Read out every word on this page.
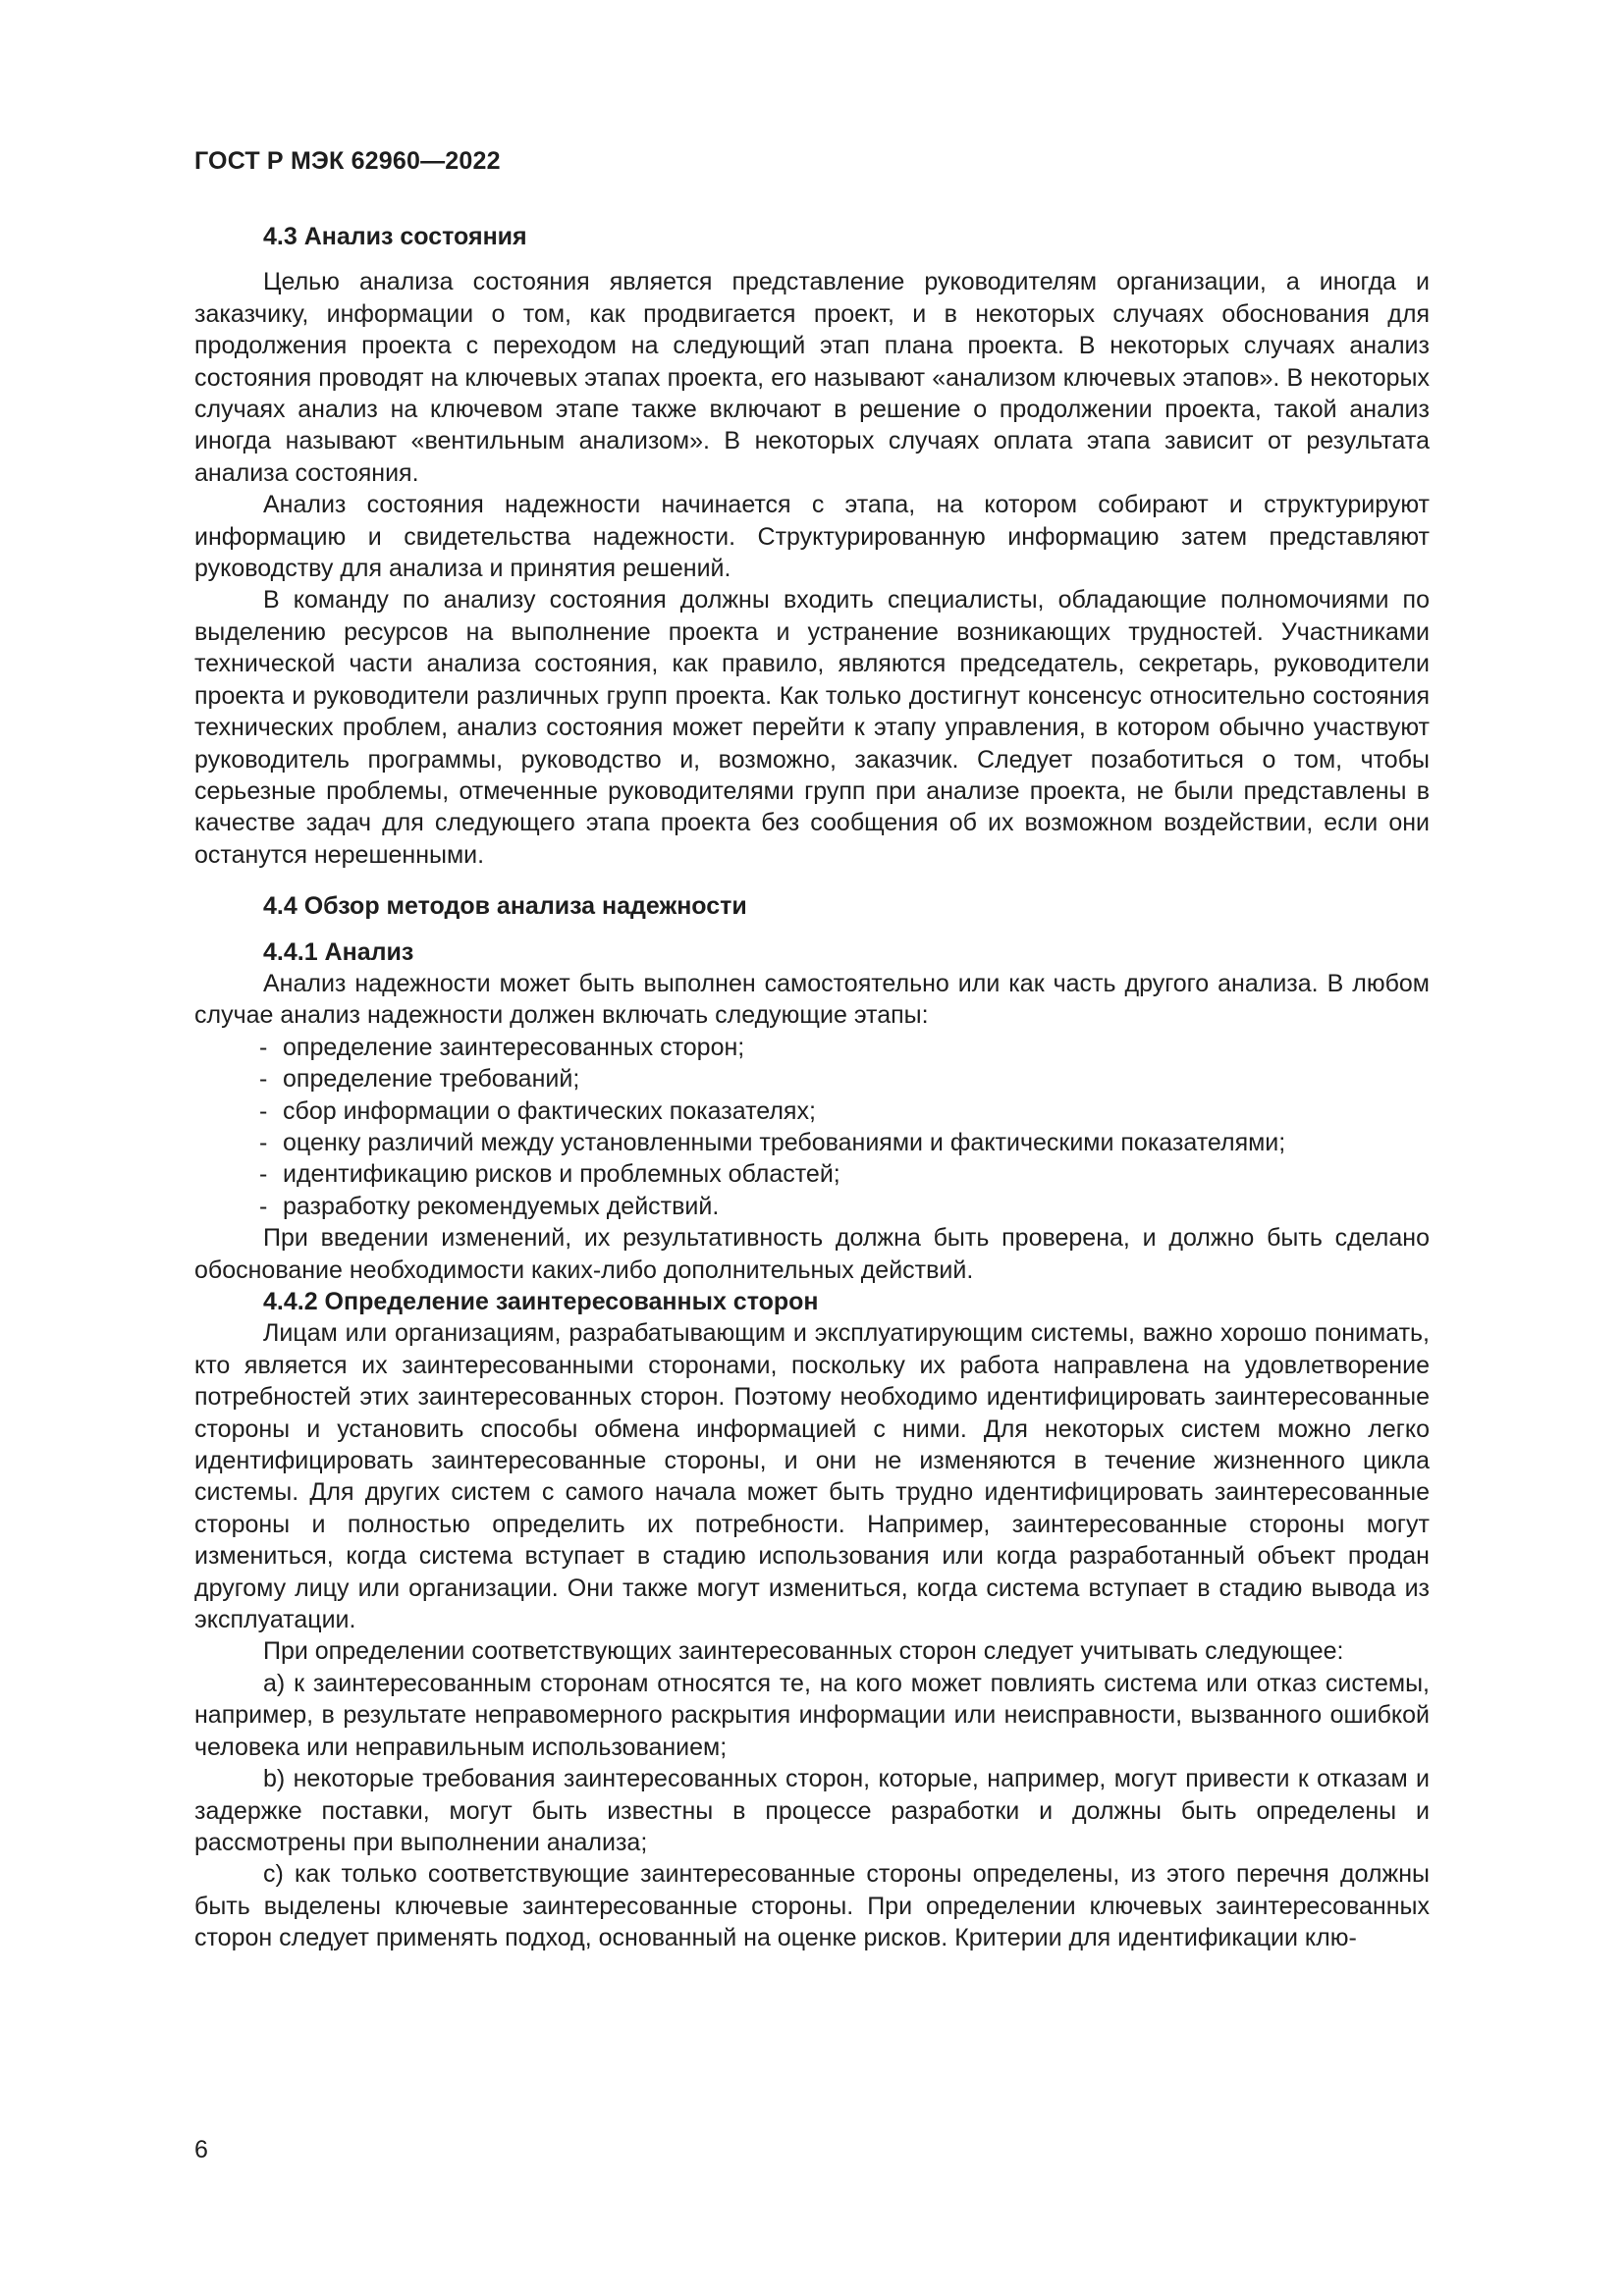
ГОСТ Р МЭК 62960—2022
4.3 Анализ состояния

Целью анализа состояния является представление руководителям организации, а иногда и заказчику, информации о том, как продвигается проект, и в некоторых случаях обоснования для продолжения проекта с переходом на следующий этап плана проекта. В некоторых случаях анализ состояния проводят на ключевых этапах проекта, его называют «анализом ключевых этапов». В некоторых случаях анализ на ключевом этапе также включают в решение о продолжении проекта, такой анализ иногда называют «вентильным анализом». В некоторых случаях оплата этапа зависит от результата анализа состояния.

Анализ состояния надежности начинается с этапа, на котором собирают и структурируют информацию и свидетельства надежности. Структурированную информацию затем представляют руководству для анализа и принятия решений.

В команду по анализу состояния должны входить специалисты, обладающие полномочиями по выделению ресурсов на выполнение проекта и устранение возникающих трудностей. Участниками технической части анализа состояния, как правило, являются председатель, секретарь, руководители проекта и руководители различных групп проекта. Как только достигнут консенсус относительно состояния технических проблем, анализ состояния может перейти к этапу управления, в котором обычно участвуют руководитель программы, руководство и, возможно, заказчик. Следует позаботиться о том, чтобы серьезные проблемы, отмеченные руководителями групп при анализе проекта, не были представлены в качестве задач для следующего этапа проекта без сообщения об их возможном воздействии, если они останутся нерешенными.

4.4 Обзор методов анализа надежности
4.4.1 Анализ

Анализ надежности может быть выполнен самостоятельно или как часть другого анализа. В любом случае анализ надежности должен включать следующие этапы:

- определение заинтересованных сторон;
- определение требований;
- сбор информации о фактических показателях;
- оценку различий между установленными требованиями и фактическими показателями;
- идентификацию рисков и проблемных областей;
- разработку рекомендуемых действий.

При введении изменений, их результативность должна быть проверена, и должно быть сделано обоснование необходимости каких-либо дополнительных действий.

4.4.2 Определение заинтересованных сторон

Лицам или организациям, разрабатывающим и эксплуатирующим системы, важно хорошо понимать, кто является их заинтересованными сторонами, поскольку их работа направлена на удовлетворение потребностей этих заинтересованных сторон. Поэтому необходимо идентифицировать заинтересованные стороны и установить способы обмена информацией с ними. Для некоторых систем можно легко идентифицировать заинтересованные стороны, и они не изменяются в течение жизненного цикла системы. Для других систем с самого начала может быть трудно идентифицировать заинтересованные стороны и полностью определить их потребности. Например, заинтересованные стороны могут измениться, когда система вступает в стадию использования или когда разработанный объект продан другому лицу или организации. Они также могут измениться, когда система вступает в стадию вывода из эксплуатации.

При определении соответствующих заинтересованных сторон следует учитывать следующее:

a) к заинтересованным сторонам относятся те, на кого может повлиять система или отказ системы, например, в результате неправомерного раскрытия информации или неисправности, вызванного ошибкой человека или неправильным использованием;

b) некоторые требования заинтересованных сторон, которые, например, могут привести к отказам и задержке поставки, могут быть известны в процессе разработки и должны быть определены и рассмотрены при выполнении анализа;

c) как только соответствующие заинтересованные стороны определены, из этого перечня должны быть выделены ключевые заинтересованные стороны. При определении ключевых заинтересованных сторон следует применять подход, основанный на оценке рисков. Критерии для идентификации клю-

6
